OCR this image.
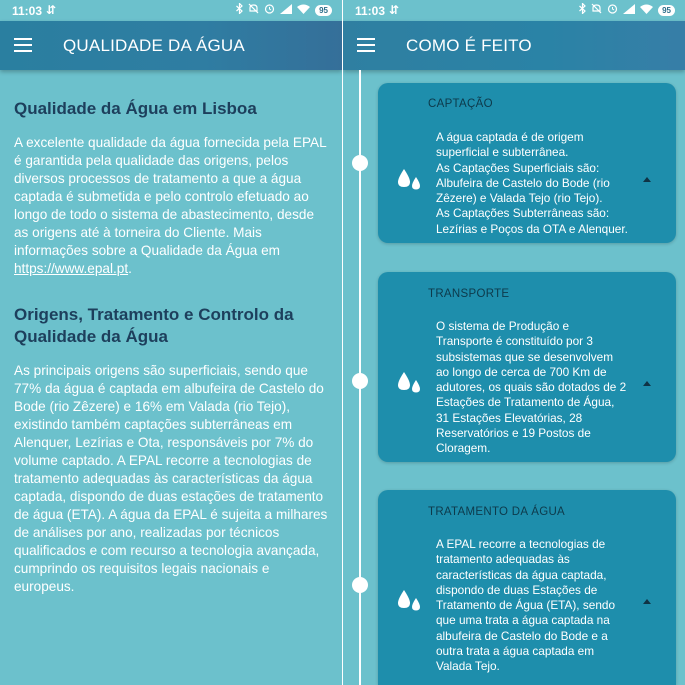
11:03 ⇵	95
QUALIDADE DA ÁGUA
Qualidade da Água em Lisboa

A excelente qualidade da água fornecida pela EPAL é garantida pela qualidade das origens, pelos diversos processos de tratamento a que a água captada é submetida e pelo controlo efetuado ao longo de todo o sistema de abastecimento, desde as origens até à torneira do Cliente. Mais informações sobre a Qualidade da Água em https://www.epal.pt.

Origens, Tratamento e Controlo da Qualidade da Água

As principais origens são superficiais, sendo que 77% da água é captada em albufeira de Castelo do Bode (rio Zêzere) e 16% em Valada (rio Tejo), existindo também captações subterrâneas em Alenquer, Lezírias e Ota, responsáveis por 7% do volume captado. A EPAL recorre a tecnologias de tratamento adequadas às características da água captada, dispondo de duas estações de tratamento de água (ETA). A água da EPAL é sujeita a milhares de análises por ano, realizadas por técnicos qualificados e com recurso a tecnologia avançada, cumprindo os requisitos legais nacionais e europeus.

11:03 ⇵	95
COMO É FEITO
CAPTAÇÃO
A água captada é de origem
superficial e subterrânea.
As Captações Superficiais são:
Albufeira de Castelo do Bode (rio
Zêzere) e Valada Tejo (rio Tejo).
As Captações Subterrâneas são:
Lezírias e Poços da OTA e Alenquer.
TRANSPORTE
O sistema de Produção e
Transporte é constituído por 3
subsistemas que se desenvolvem
ao longo de cerca de 700 Km de
adutores, os quais são dotados de 2
Estações de Tratamento de Água,
31 Estações Elevatórias, 28
Reservatórios e 19 Postos de
Cloragem.
TRATAMENTO DA ÁGUA
A EPAL recorre a tecnologias de
tratamento adequadas às
características da água captada,
dispondo de duas Estações de
Tratamento de Água (ETA), sendo
que uma trata a água captada na
albufeira de Castelo do Bode e a
outra trata a água captada em
Valada Tejo.
